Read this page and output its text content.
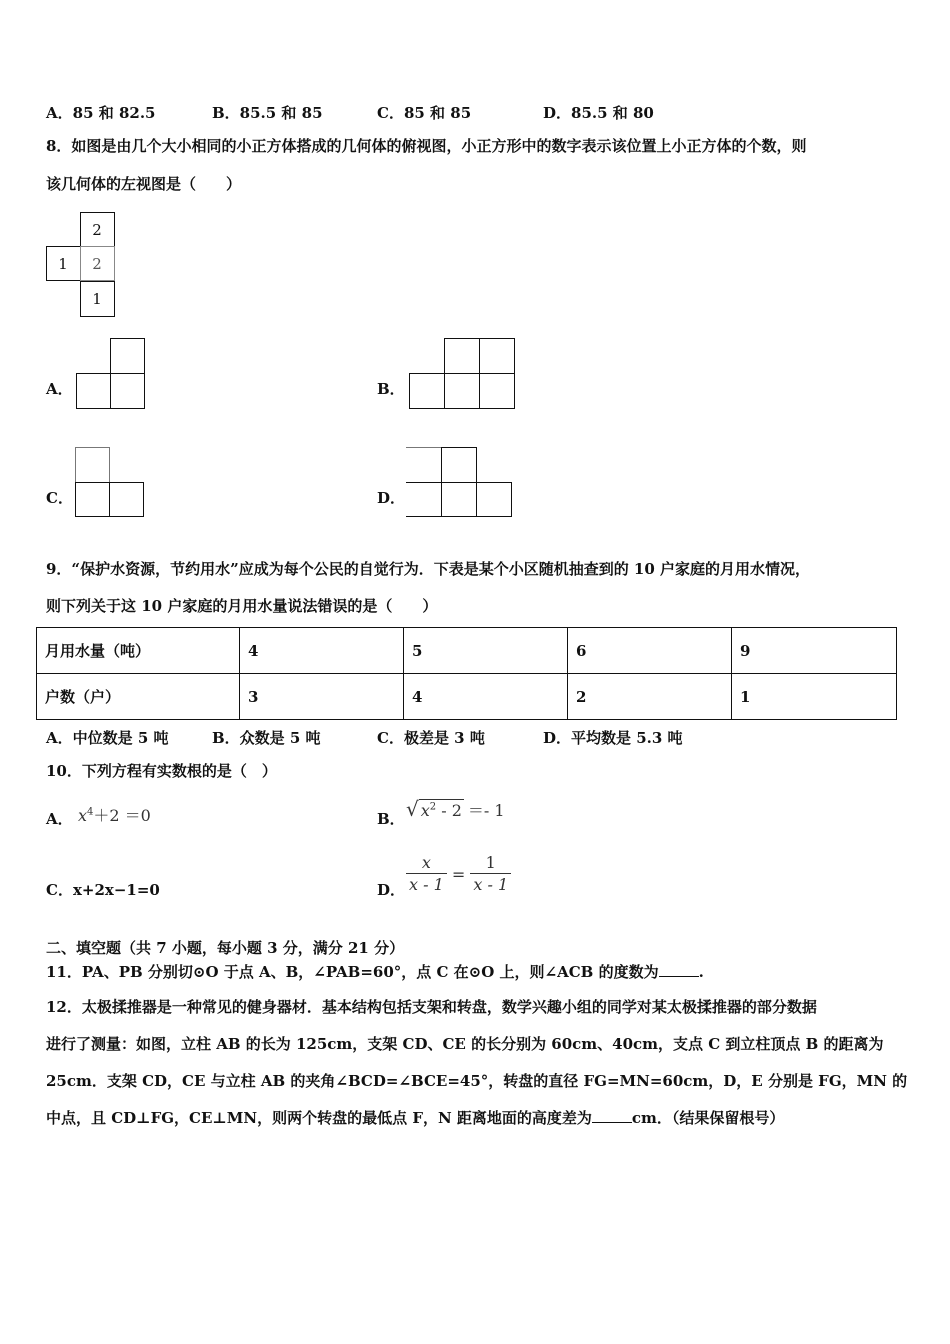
A．85 和 82.5	B．85.5 和 85	C．85 和 85	D．85.5 和 80
8．如图是由几个大小相同的小正方体搭成的几何体的俯视图，小正方形中的数字表示该位置上小正方体的个数，则
该几何体的左视图是（　　）
2
1	2
1
A．	B．
C．	D．
9．“保护水资源，节约用水”应成为每个公民的自觉行为．下表是某个小区随机抽查到的 10 户家庭的月用水情况，
则下列关于这 10 户家庭的月用水量说法错误的是（　　）
月用水量（吨）	4	5	6	9
户数（户）	3	4	2	1
A．中位数是 5 吨	B．众数是 5 吨	C．极差是 3 吨	D．平均数是 5.3 吨
10．下列方程有实数根的是（　）
A． $x^4+2 =0$	B． √ $x^2 - 2 =- 1$
C．x+2x−1=0	D． $\frac{x}{x - 1} = \frac{1}{x - 1}$
二、填空题（共 7 小题，每小题 3 分，满分 21 分）
11．PA、PB 分别切⊙O 于点 A、B，∠PAB=60°，点 C 在⊙O 上，则∠ACB 的度数为	.
12．太极揉推器是一种常见的健身器材．基本结构包括支架和转盘，数学兴趣小组的同学对某太极揉推器的部分数据
进行了测量：如图，立柱 AB 的长为 125cm，支架 CD、CE 的长分别为 60cm、40cm，支点 C 到立柱顶点 B 的距离为
25cm．支架 CD，CE 与立柱 AB 的夹角∠BCD=∠BCE=45°，转盘的直径 FG=MN=60cm，D，E 分别是 FG，MN 的
中点，且 CD⊥FG，CE⊥MN，则两个转盘的最低点 F，N 距离地面的高度差为	cm．（结果保留根号）
